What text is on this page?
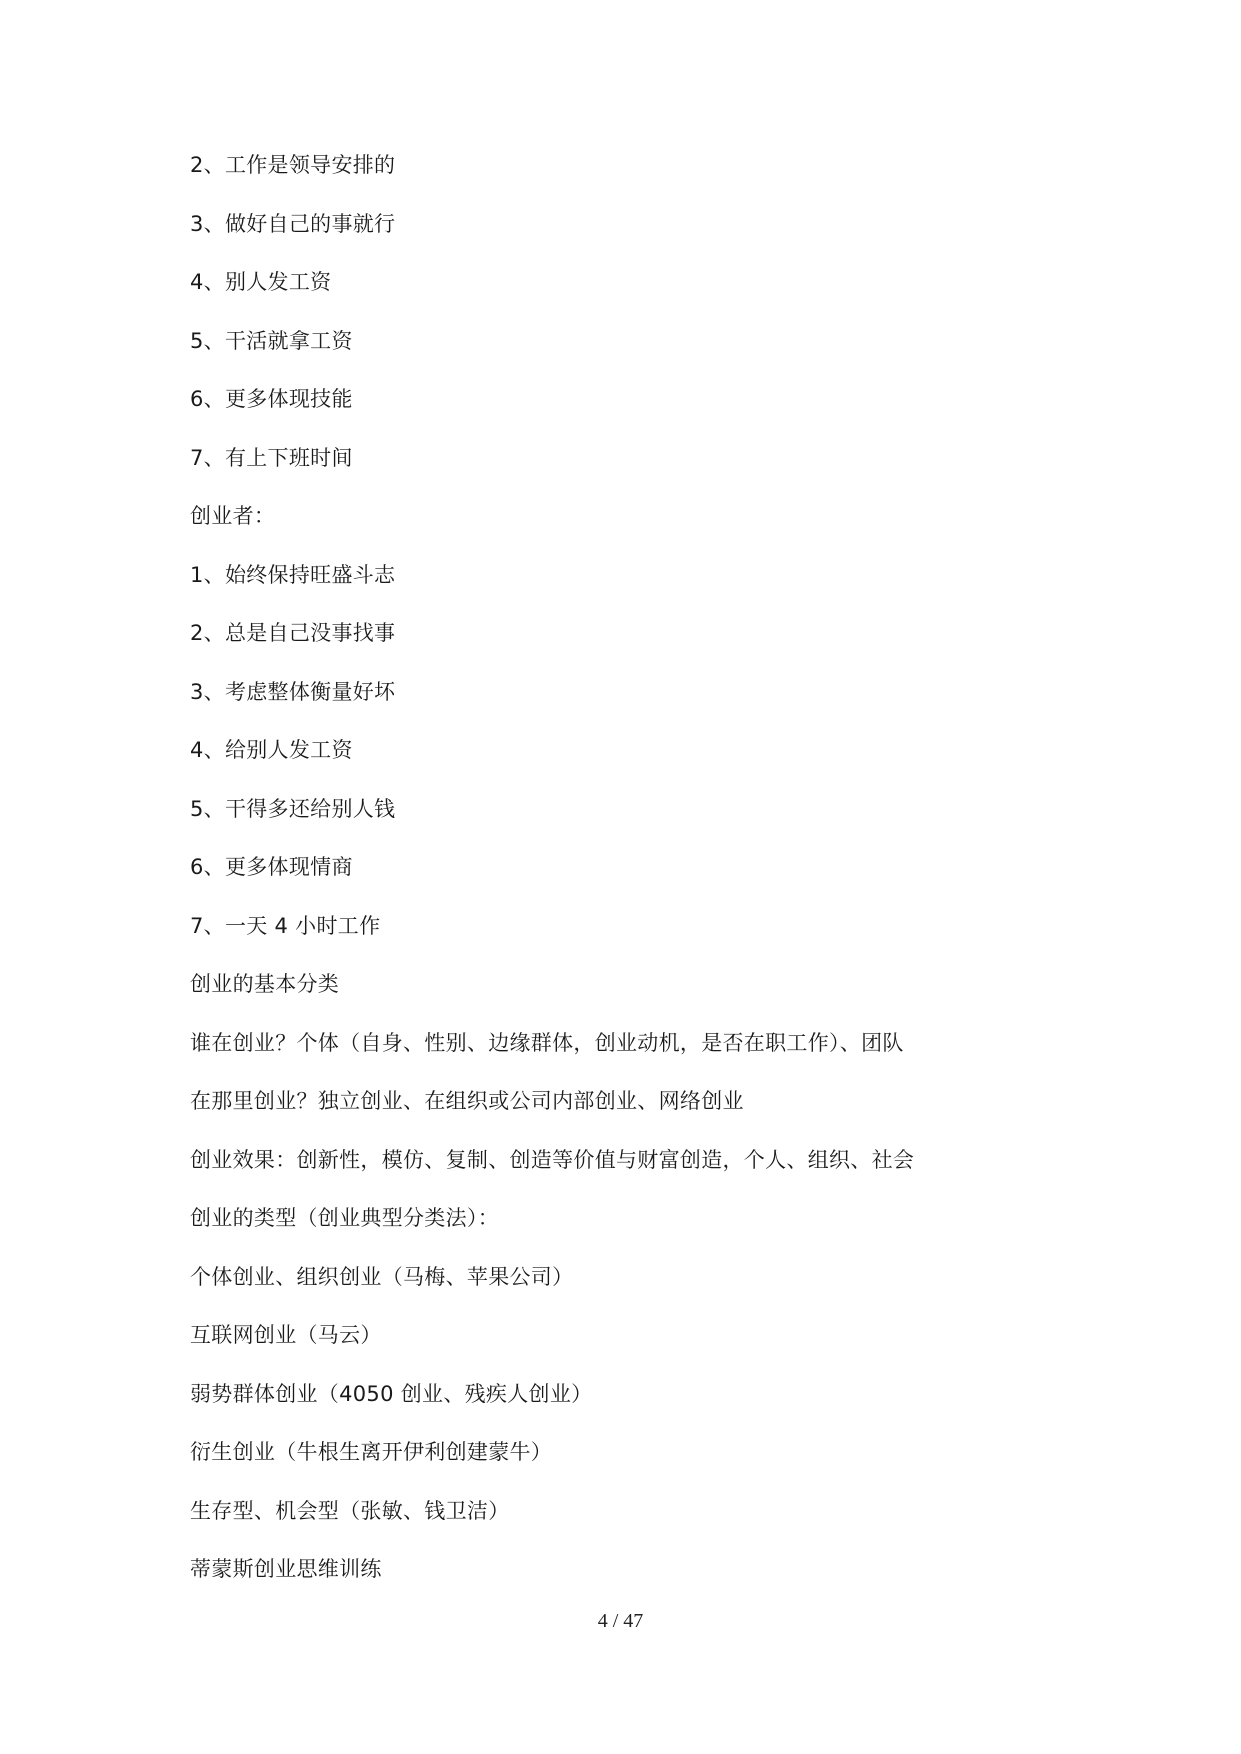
2、工作是领导安排的
3、做好自己的事就行
4、别人发工资
5、干活就拿工资
6、更多体现技能
7、有上下班时间
创业者：
1、始终保持旺盛斗志
2、总是自己没事找事
3、考虑整体衡量好坏
4、给别人发工资
5、干得多还给别人钱
6、更多体现情商
7、一天 4 小时工作
创业的基本分类
谁在创业？个体（自身、性别、边缘群体，创业动机，是否在职工作）、团队
在那里创业？独立创业、在组织或公司内部创业、网络创业
创业效果：创新性，模仿、复制、创造等价值与财富创造，个人、组织、社会
创业的类型（创业典型分类法）：
个体创业、组织创业（马梅、苹果公司）
互联网创业（马云）
弱势群体创业（4050 创业、残疾人创业）
衍生创业（牛根生离开伊利创建蒙牛）
生存型、机会型（张敏、钱卫洁）
蒂蒙斯创业思维训练
4 / 47
